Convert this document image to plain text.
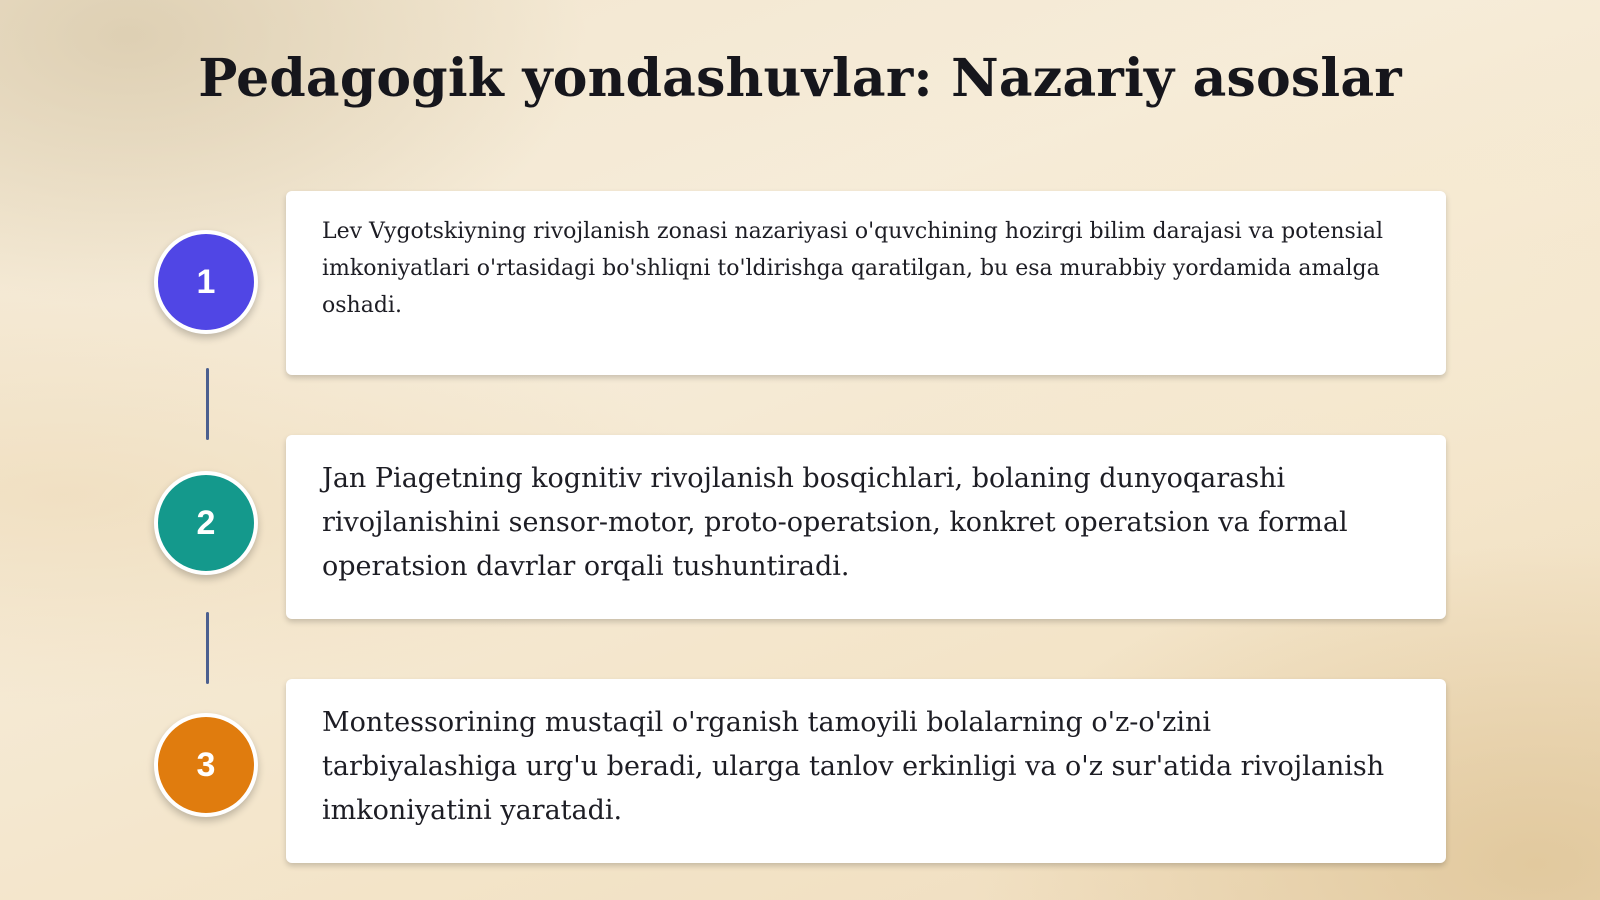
Pedagogik yondashuvlar: Nazariy asoslar
1

Lev Vygotskiyning rivojlanish zonasi nazariyasi o'quvchining hozirgi bilim darajasi va potensial imkoniyatlari o'rtasidagi bo'shliqni to'ldirishga qaratilgan, bu esa murabbiy yordamida amalga oshadi.

2

Jan Piagetning kognitiv rivojlanish bosqichlari, bolaning dunyoqarashi rivojlanishini sensor-motor, proto-operatsion, konkret operatsion va formal operatsion davrlar orqali tushuntiradi.

3

Montessorining mustaqil o'rganish tamoyili bolalarning o'z-o'zini tarbiyalashiga urg'u beradi, ularga tanlov erkinligi va o'z sur'atida rivojlanish imkoniyatini yaratadi.
